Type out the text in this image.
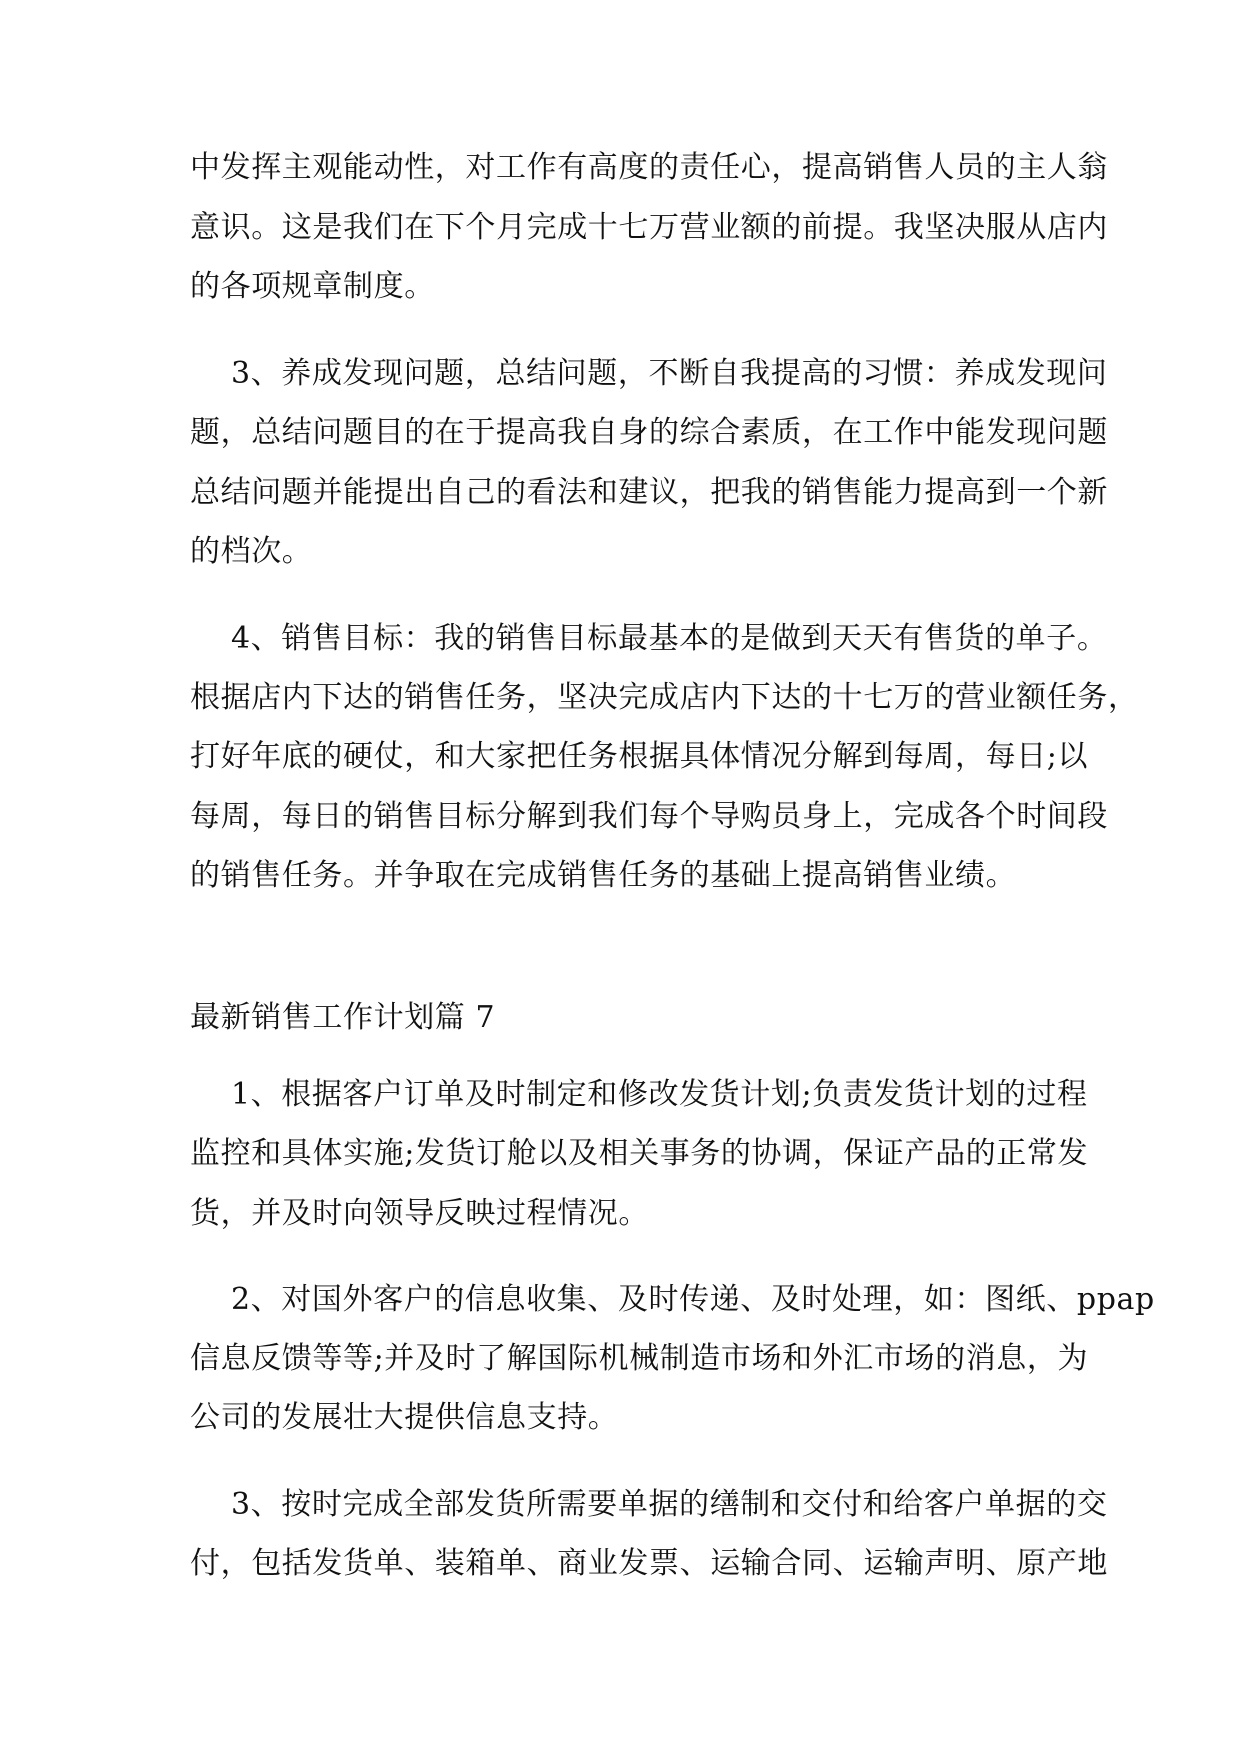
中发挥主观能动性，对工作有高度的责任心，提高销售人员的主人翁
意识。这是我们在下个月完成十七万营业额的前提。我坚决服从店内
的各项规章制度。
3、养成发现问题，总结问题，不断自我提高的习惯：养成发现问
题，总结问题目的在于提高我自身的综合素质，在工作中能发现问题
总结问题并能提出自己的看法和建议，把我的销售能力提高到一个新
的档次。
4、销售目标：我的销售目标最基本的是做到天天有售货的单子。
根据店内下达的销售任务，坚决完成店内下达的十七万的营业额任务，
打好年底的硬仗，和大家把任务根据具体情况分解到每周，每日;以
每周，每日的销售目标分解到我们每个导购员身上，完成各个时间段
的销售任务。并争取在完成销售任务的基础上提高销售业绩。
最新销售工作计划篇 7
1、根据客户订单及时制定和修改发货计划;负责发货计划的过程
监控和具体实施;发货订舱以及相关事务的协调，保证产品的正常发
货，并及时向领导反映过程情况。
2、对国外客户的信息收集、及时传递、及时处理，如：图纸、ppap
信息反馈等等;并及时了解国际机械制造市场和外汇市场的消息，为
公司的发展壮大提供信息支持。
3、按时完成全部发货所需要单据的缮制和交付和给客户单据的交
付，包括发货单、装箱单、商业发票、运输合同、运输声明、原产地
